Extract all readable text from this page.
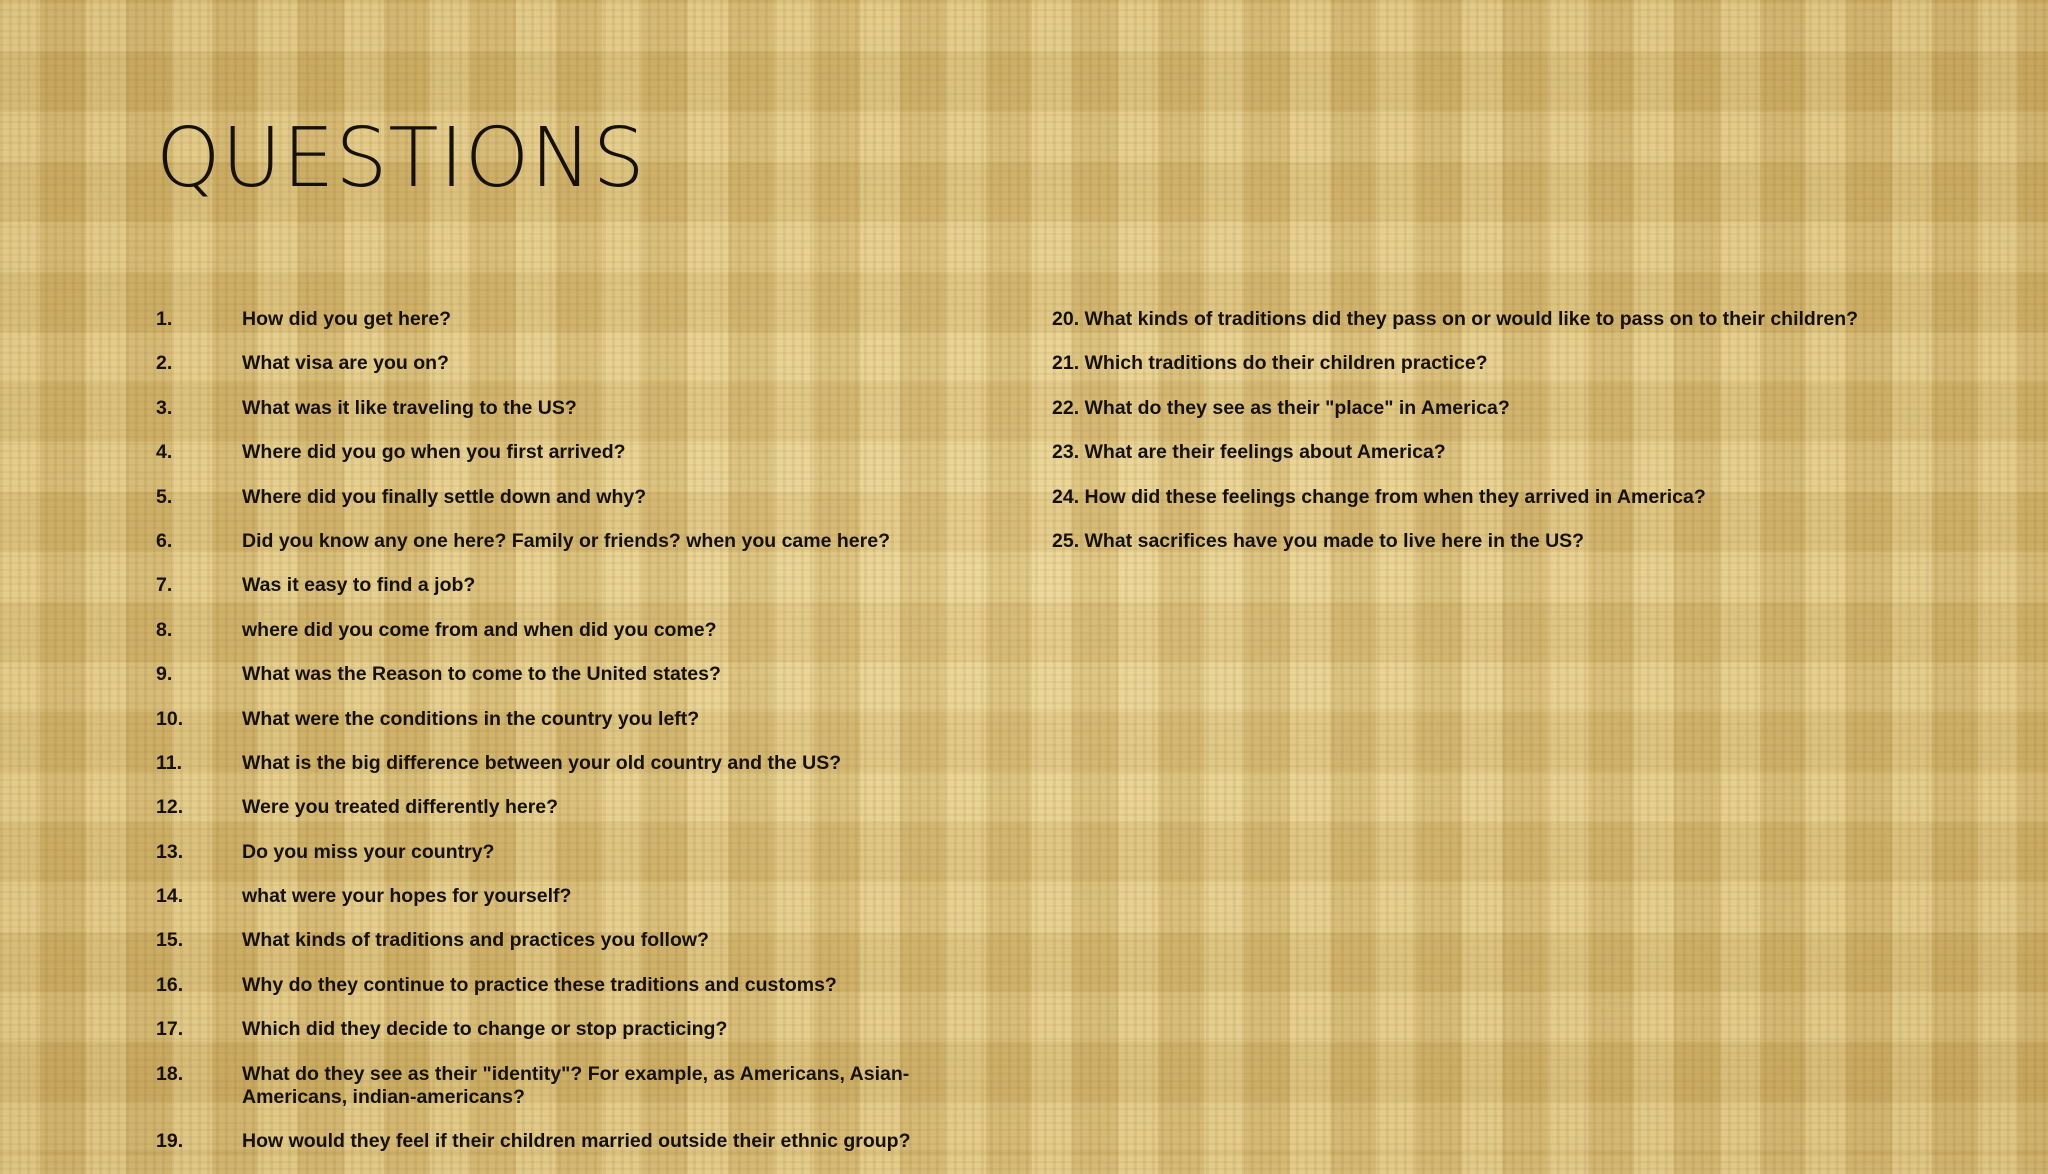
QUESTIONS
1.	How did you get here?
2.	What visa are you on?
3.	What was it like traveling to the US?
4.	Where did you go when you first arrived?
5.	Where did you finally settle down and why?
6.	Did you know any one here? Family or friends? when you came here?
7.	Was it easy to find a job?
8.	where did you come from and when did you come?
9.	What was the Reason to come to the United states?
10.	What were the conditions in the country you left?
11.	What is the big difference between your old country and the US?
12.	Were you treated differently here?
13.	Do you miss your country?
14.	what were your hopes for yourself?
15.	What kinds of traditions and practices you follow?
16.	Why do they continue to practice these traditions and customs?
17.	Which did they decide to change or stop practicing?
18.	What do they see as their "identity"? For example, as Americans, Asian- Americans, indian-americans?
19.	How would they feel if their children married outside their ethnic group?
20. What kinds of traditions did they pass on or would like to pass on to their children?
21. Which traditions do their children practice?
22. What do they see as their "place" in America?
23. What are their feelings about America?
24. How did these feelings change from when they arrived in America?
25. What sacrifices have you made to live here in the US?
